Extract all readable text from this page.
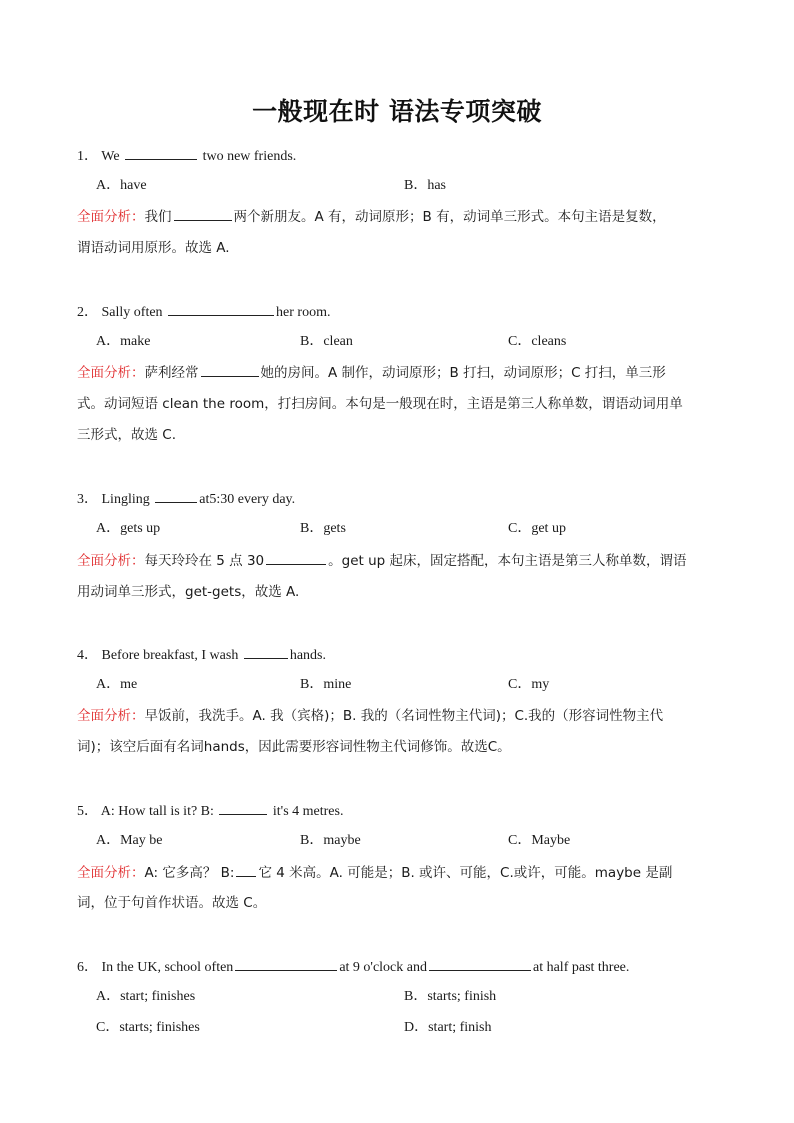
一般现在时 语法专项突破
1． We	two new friends.
A．have	B．has
全面分析：我们	两个新朋友。A 有，动词原形；B 有，动词单三形式。本句主语是复数，
谓语动词用原形。故选 A.
2． Sally often	her room.
A．make	B．clean	C．cleans
全面分析：萨利经常	她的房间。A 制作，动词原形；B 打扫，动词原形；C 打扫，单三形
式。动词短语 clean the room，打扫房间。本句是一般现在时，主语是第三人称单数，谓语动词用单
三形式，故选 C.
3． Lingling	at5:30 every day.
A．gets up	B．gets	C．get up
全面分析：每天玲玲在 5 点 30	。get up 起床，固定搭配，本句主语是第三人称单数，谓语
用动词单三形式，get-gets，故选 A.
4． Before breakfast, I wash	hands.
A．me	B．mine	C．my
全面分析：早饭前，我洗手。A. 我（宾格)；B. 我的（名词性物主代词)；C.我的（形容词性物主代
词)；该空后面有名词hands，因此需要形容词性物主代词修饰。故选C。
5． A: How tall is it? B:	it's 4 metres.
A．May be	B．maybe	C．Maybe
全面分析：A: 它多高？ B: 它 4 米高。A. 可能是；B. 或许、可能，C.或许，可能。maybe 是副
词，位于句首作状语。故选 C。
6． In the UK, school often	at 9 o'clock and	at half past three.
A．start; finishes	B．starts; finish
C．starts; finishes	D．start; finish
